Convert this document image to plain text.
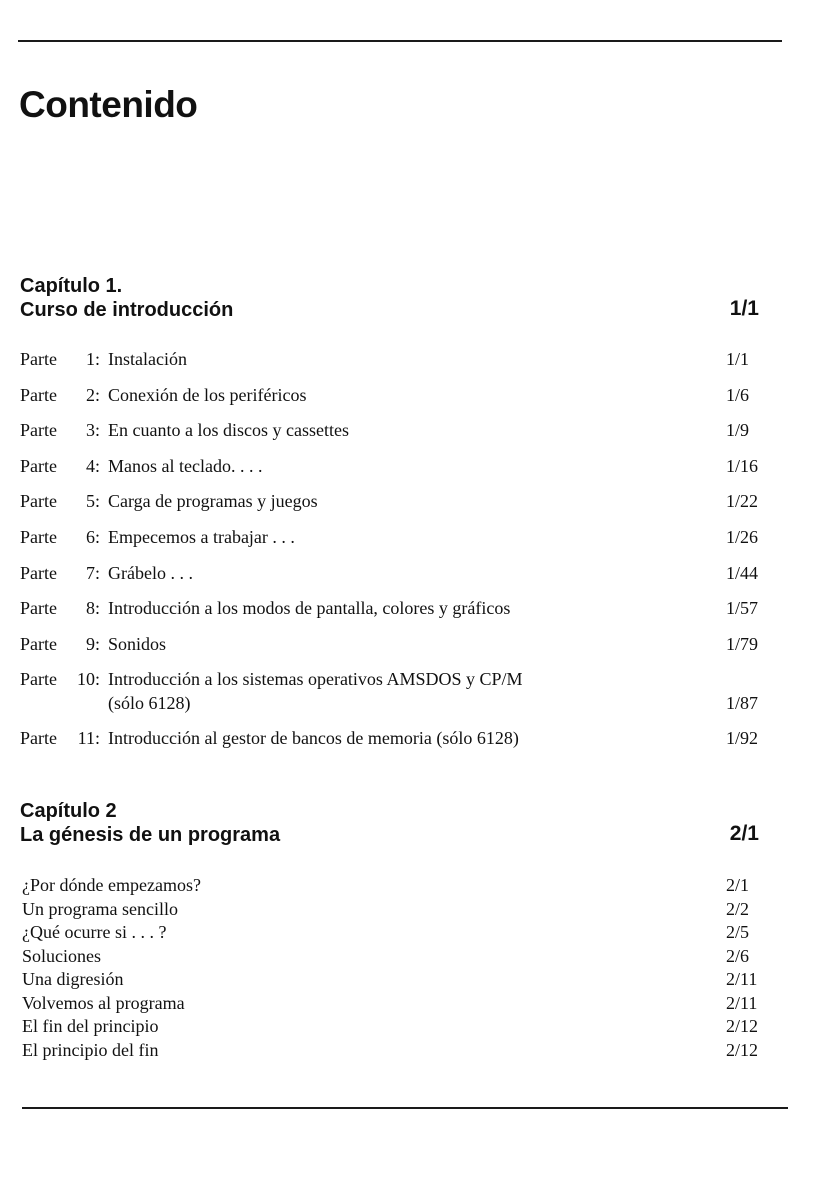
Contenido
Capítulo 1.
Curso de introducción	1/1
Parte	1: Instalación	1/1
Parte	2: Conexión de los periféricos	1/6
Parte	3: En cuanto a los discos y cassettes	1/9
Parte	4: Manos al teclado. . . .	1/16
Parte	5: Carga de programas y juegos	1/22
Parte	6: Empecemos a trabajar . . .	1/26
Parte	7: Grábelo . . .	1/44
Parte	8: Introducción a los modos de pantalla, colores y gráficos	1/57
Parte	9: Sonidos	1/79
Parte	10: Introducción a los sistemas operativos AMSDOS y CP/M
(sólo 6128)	1/87
Parte	11: Introducción al gestor de bancos de memoria (sólo 6128)	1/92
Capítulo 2
La génesis de un programa	2/1
¿Por dónde empezamos?	2/1
Un programa sencillo	2/2
¿Qué ocurre si . . . ?	2/5
Soluciones	2/6
Una digresión	2/11
Volvemos al programa	2/11
El fin del principio	2/12
El principio del fin	2/12
